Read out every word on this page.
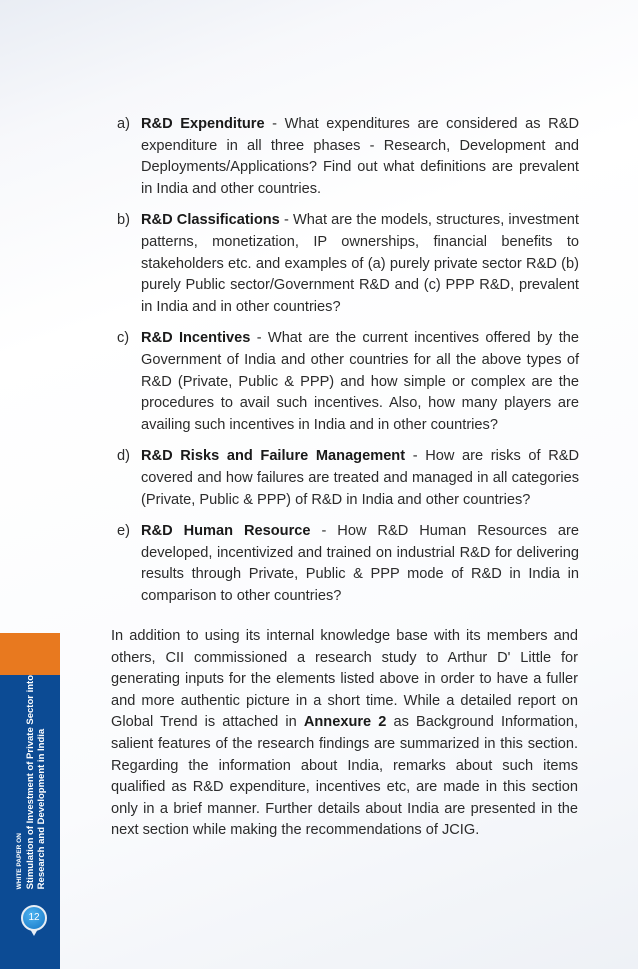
a) R&D Expenditure - What expenditures are considered as R&D expenditure in all three phases - Research, Development and Deployments/Applications? Find out what definitions are prevalent in India and other countries.
b) R&D Classifications - What are the models, structures, investment patterns, monetization, IP ownerships, financial benefits to stakeholders etc. and examples of (a) purely private sector R&D (b) purely Public sector/Government R&D and (c) PPP R&D, prevalent in India and in other countries?
c) R&D Incentives - What are the current incentives offered by the Government of India and other countries for all the above types of R&D (Private, Public & PPP) and how simple or complex are the procedures to avail such incentives. Also, how many players are availing such incentives in India and in other countries?
d) R&D Risks and Failure Management - How are risks of R&D covered and how failures are treated and managed in all categories (Private, Public & PPP) of R&D in India and other countries?
e) R&D Human Resource - How R&D Human Resources are developed, incentivized and trained on industrial R&D for delivering results through Private, Public & PPP mode of R&D in India in comparison to other countries?

In addition to using its internal knowledge base with its members and others, CII commissioned a research study to Arthur D' Little for generating inputs for the elements listed above in order to have a fuller and more authentic picture in a short time. While a detailed report on Global Trend is attached in Annexure 2 as Background Information, salient features of the research findings are summarized in this section. Regarding the information about India, remarks about such items qualified as R&D expenditure, incentives etc, are made in this section only in a brief manner. Further details about India are presented in the next section while making the recommendations of JCIG.

WHITE PAPER ON Stimulation of Investment of Private Sector into Research and Development in India
12
